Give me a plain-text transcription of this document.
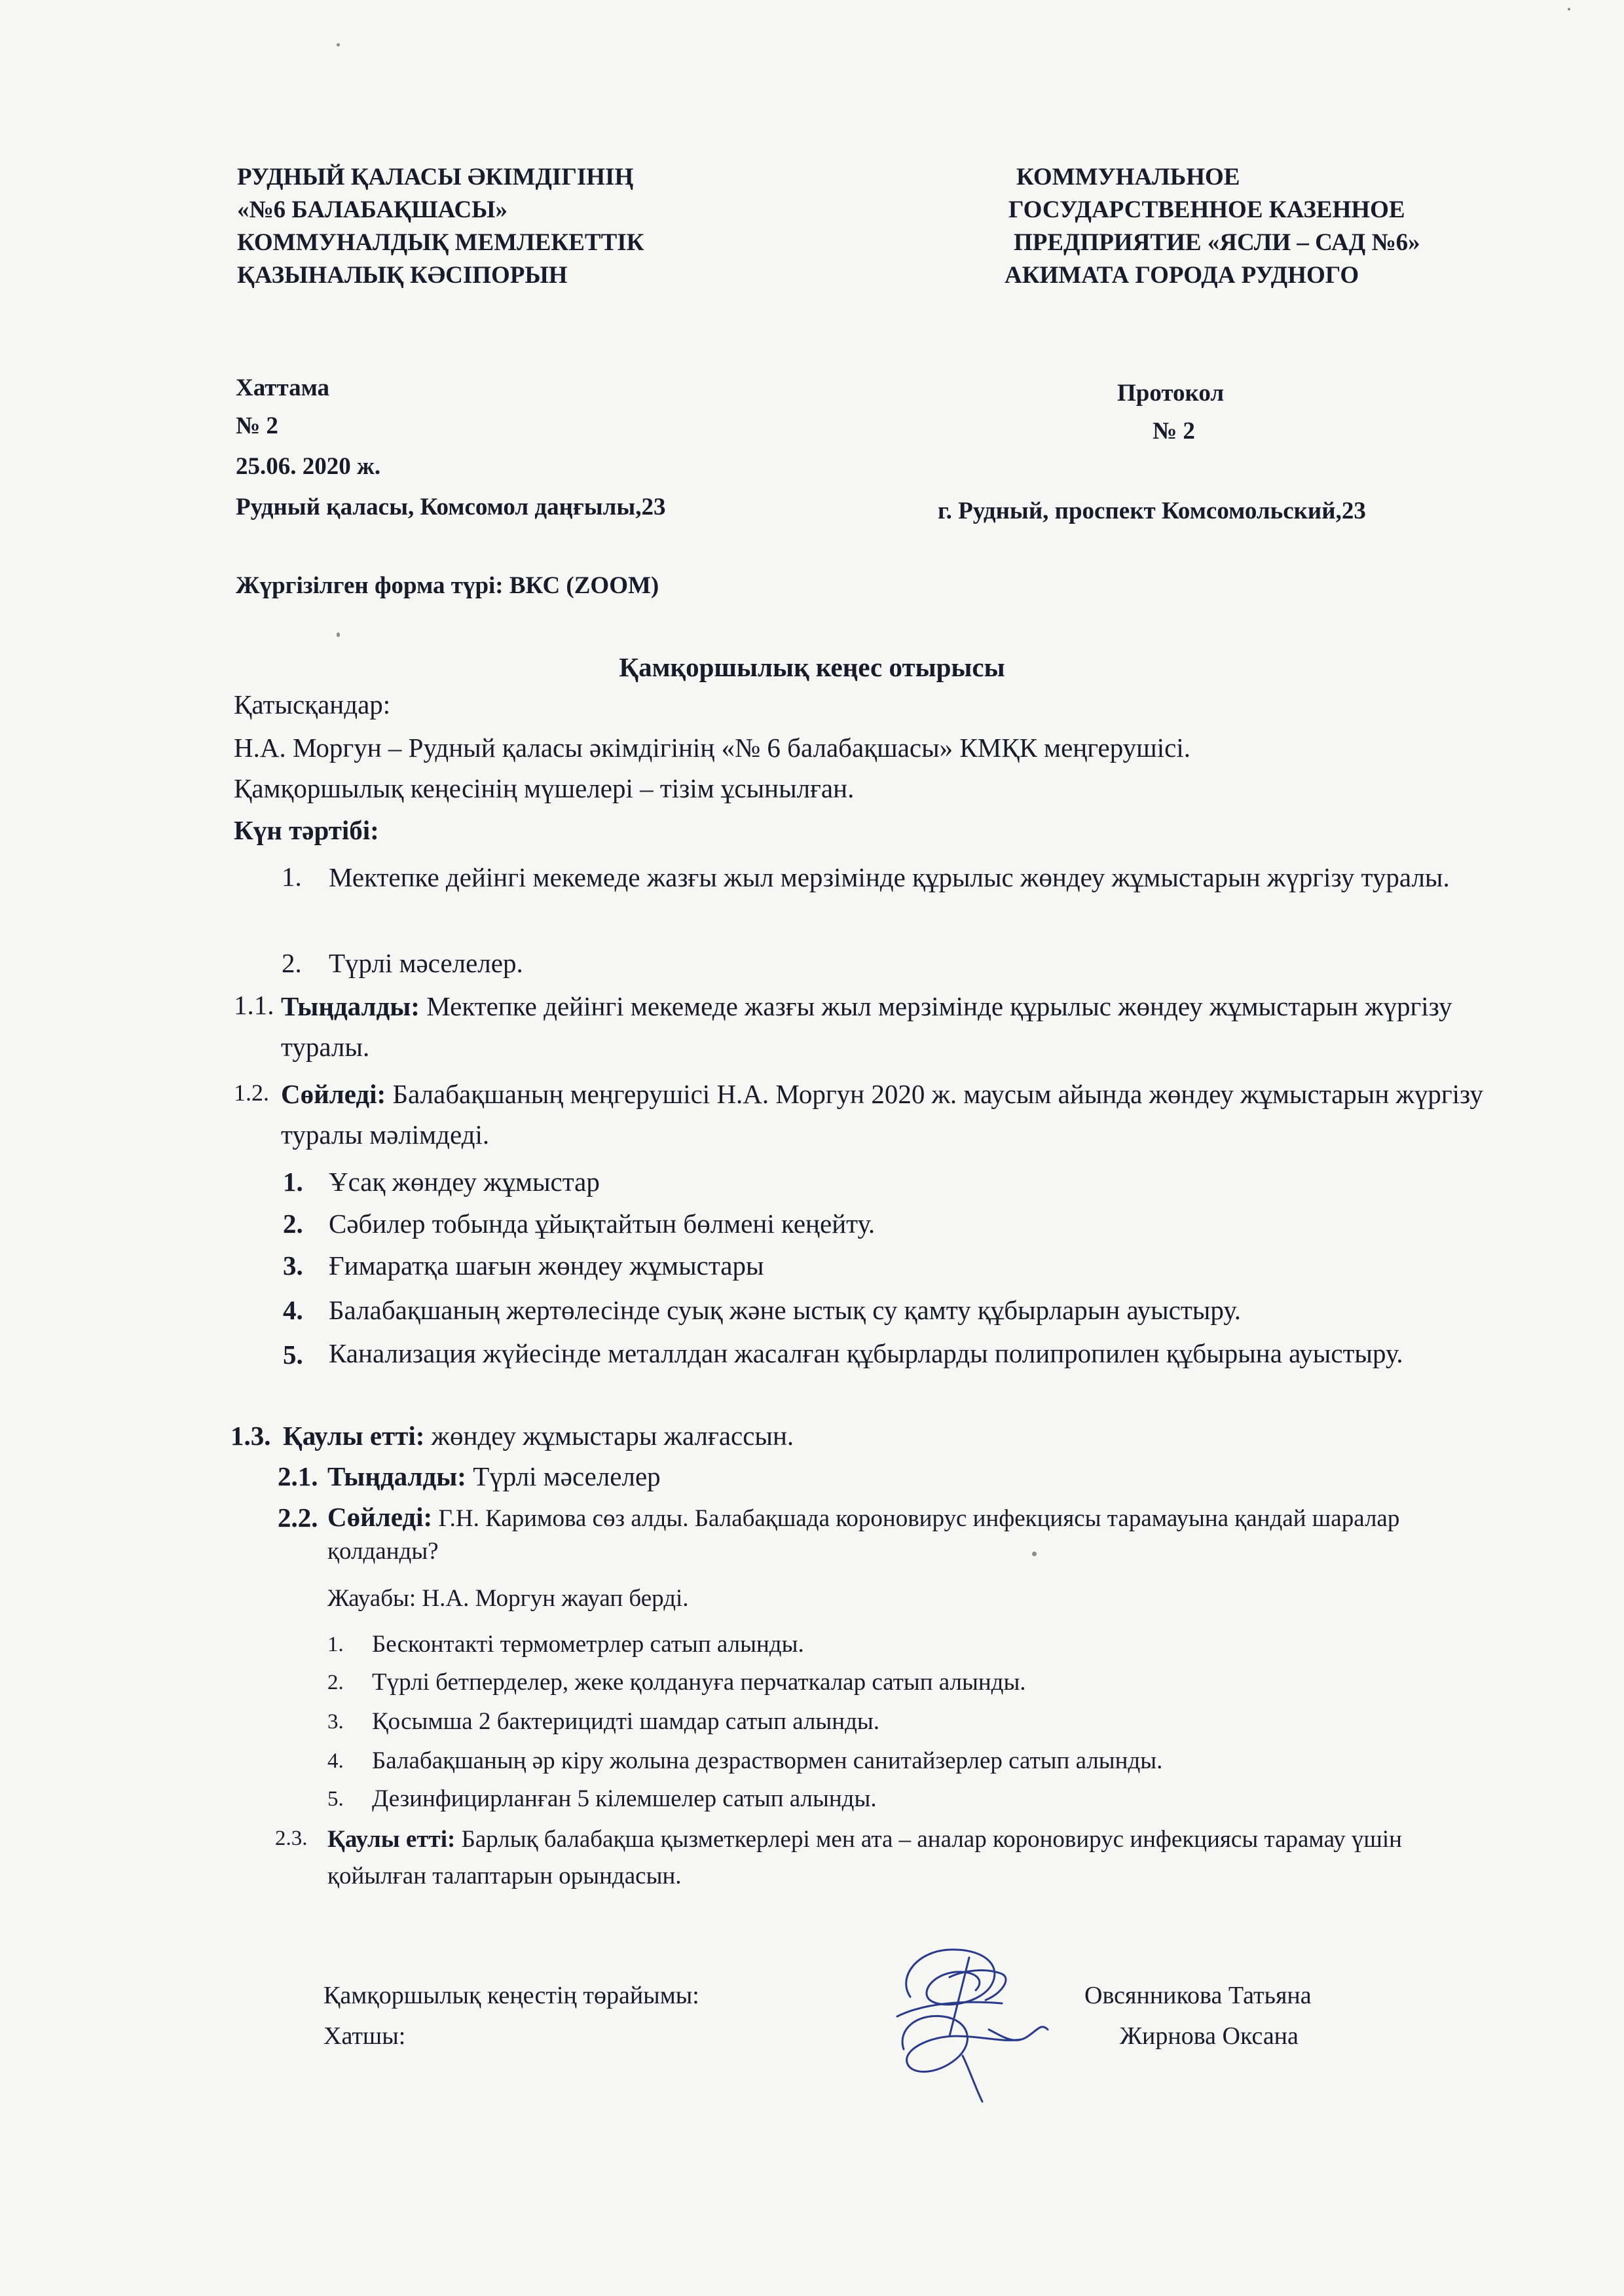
РУДНЫЙ ҚАЛАСЫ ӘКІМДІГІНІҢ
«№6 БАЛАБАҚШАСЫ»
КОММУНАЛДЫҚ МЕМЛЕКЕТТІК
ҚАЗЫНАЛЫҚ КӘСІПОРЫН
КОММУНАЛЬНОЕ
ГОСУДАРСТВЕННОЕ КАЗЕННОЕ
ПРЕДПРИЯТИЕ «ЯСЛИ – САД №6»
АКИМАТА ГОРОДА РУДНОГО
Хаттама
№ 2
25.06. 2020 ж.
Рудный қаласы, Комсомол даңғылы,23
Протокол
№ 2
г. Рудный, проспект Комсомольский,23
Жүргізілген форма түрі: ВКС (ZOOM)
Қамқоршылық кеңес отырысы
Қатысқандар:
Н.А. Моргун – Рудный қаласы әкімдігінің «№ 6 балабақшасы» КМҚК меңгерушісі.
Қамқоршылық кеңесінің мүшелері – тізім ұсынылған.
Күн тәртібі:
1. Мектепке дейінгі мекемеде жазғы жыл мерзімінде құрылыс жөндеу жұмыстарын жүргізу туралы.
2. Түрлі мәселелер.
1.1. Тыңдалды: Мектепке дейінгі мекемеде жазғы жыл мерзімінде құрылыс жөндеу жұмыстарын жүргізу туралы.
1.2. Сөйледі: Балабақшаның меңгерушісі Н.А. Моргун 2020 ж. маусым айында жөндеу жұмыстарын жүргізу туралы мәлімдеді.
1. Ұсақ жөндеу жұмыстар
2. Сәбилер тобында ұйықтайтын бөлмені кеңейту.
3. Ғимаратқа шағын жөндеу жұмыстары
4. Балабақшаның жертөлесінде суық және ыстық су қамту құбырларын ауыстыру.
5. Канализация жүйесінде металлдан жасалған құбырларды полипропилен құбырына ауыстыру.
1.3. Қаулы етті: жөндеу жұмыстары жалғассын.
2.1. Тыңдалды: Түрлі мәселелер
2.2. Сөйледі: Г.Н. Каримова сөз алды. Балабақшада короновирус инфекциясы тарамауына қандай шаралар қолданды?
Жауабы: Н.А. Моргун жауап берді.
1. Бесконтакті термометрлер сатып алынды.
2. Түрлі бетперделер, жеке қолдануға перчаткалар сатып алынды.
3. Қосымша 2 бактерицидті шамдар сатып алынды.
4. Балабақшаның әр кіру жолына дезраствормен санитайзерлер сатып алынды.
5. Дезинфицирланған 5 кілемшелер сатып алынды.
2.3. Қаулы етті: Барлық балабақша қызметкерлері мен ата – аналар короновирус инфекциясы тарамау үшін қойылған талаптарын орындасын.
Қамқоршылық кеңестің төрайымы:	Овсянникова Татьяна
Хатшы:	Жирнова Оксана
